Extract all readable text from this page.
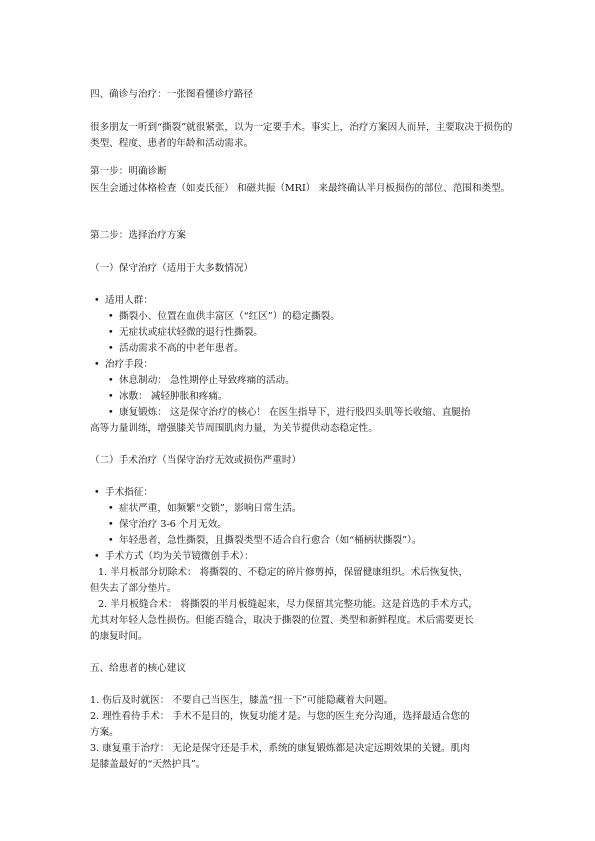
四、确诊与治疗：一张图看懂诊疗路径

很多朋友一听到“撕裂”就很紧张，以为一定要手术。事实上，治疗方案因人而异，主要取决于损伤的类型、程度、患者的年龄和活动需求。

第一步：明确诊断

医生会通过体格检查（如麦氏征） 和磁共振（MRI） 来最终确认半月板损伤的部位、范围和类型。

第二步：选择治疗方案

（一）保守治疗（适用于大多数情况）

• 适用人群：

• 撕裂小、位置在血供丰富区（“红区”）的稳定撕裂。

• 无症状或症状轻微的退行性撕裂。

• 活动需求不高的中老年患者。

• 治疗手段：

• 休息制动： 急性期停止导致疼痛的活动。

• 冰敷： 减轻肿胀和疼痛。

• 康复锻炼： 这是保守治疗的核心！ 在医生指导下，进行股四头肌等长收缩、直腿抬

高等力量训练，增强膝关节周围肌肉力量，为关节提供动态稳定性。

（二）手术治疗（当保守治疗无效或损伤严重时）

• 手术指征：

• 症状严重，如频繁“交锁”，影响日常生活。

• 保守治疗 3-6 个月无效。

• 年轻患者，急性撕裂，且撕裂类型不适合自行愈合（如“桶柄状撕裂”）。

• 手术方式（均为关节镜微创手术）：

1. 半月板部分切除术： 将撕裂的、不稳定的碎片修剪掉，保留健康组织。术后恢复快，

但失去了部分垫片。

2. 半月板缝合术： 将撕裂的半月板缝起来，尽力保留其完整功能。这是首选的手术方式，

尤其对年轻人急性损伤。但能否缝合，取决于撕裂的位置、类型和新鲜程度。术后需要更长

的康复时间。

五、给患者的核心建议

1. 伤后及时就医： 不要自己当医生，膝盖“扭一下”可能隐藏着大问题。

2. 理性看待手术： 手术不是目的，恢复功能才是。与您的医生充分沟通，选择最适合您的

方案。

3. 康复重于治疗： 无论是保守还是手术，系统的康复锻炼都是决定远期效果的关键。肌肉

是膝盖最好的“天然护具”。
